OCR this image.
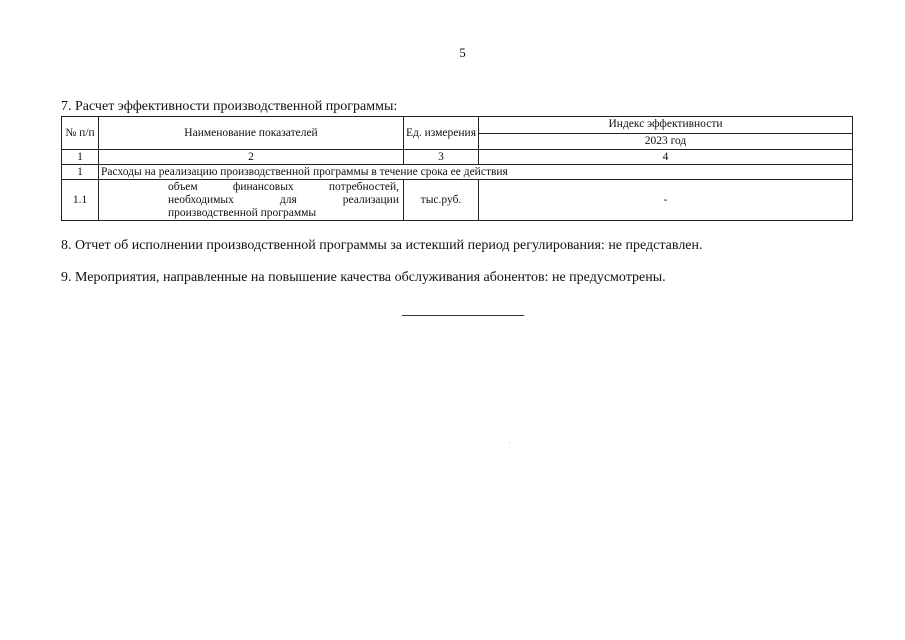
5
7. Расчет эффективности производственной программы:
№ п/п	Наименование показателей	Ед. измерения	Индекс эффективности
			2023 год
1	2	3	4
1	Расходы на реализацию производственной программы в течение срока ее действия		
1.1	объем финансовых потребностей,
необходимых для реализации
производственной программы	тыс.руб.	-
8. Отчет об исполнении производственной программы за истекший период регулирования: не представлен.
9. Мероприятия, направленные на повышение качества обслуживания абонентов: не предусмотрены.
